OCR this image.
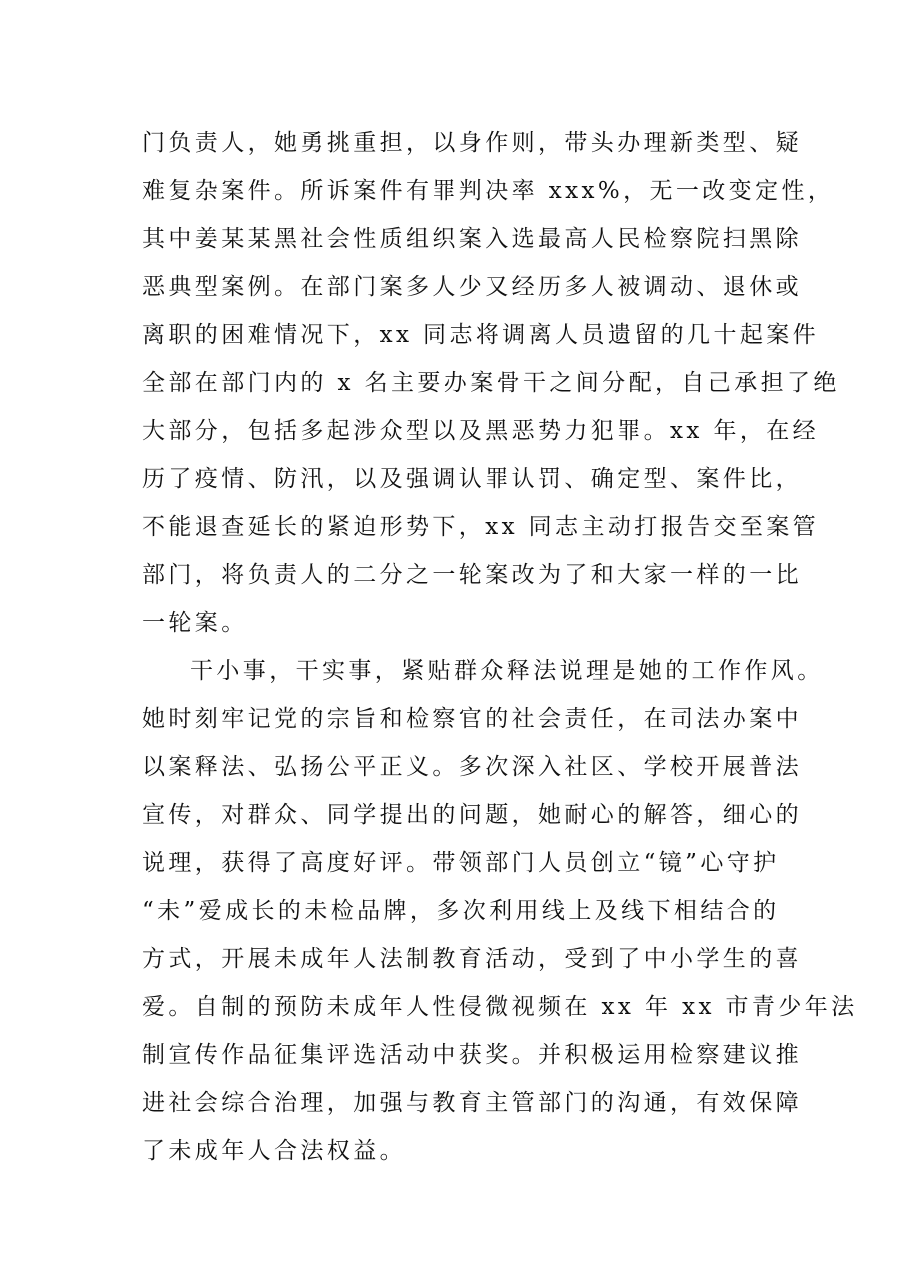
门负责人，她勇挑重担，以身作则，带头办理新类型、疑
难复杂案件。所诉案件有罪判决率 xxx%，无一改变定性，
其中姜某某黑社会性质组织案入选最高人民检察院扫黑除
恶典型案例。在部门案多人少又经历多人被调动、退休或
离职的困难情况下，xx 同志将调离人员遗留的几十起案件
全部在部门内的 x 名主要办案骨干之间分配，自己承担了绝
大部分，包括多起涉众型以及黑恶势力犯罪。xx 年，在经
历了疫情、防汛，以及强调认罪认罚、确定型、案件比，
不能退查延长的紧迫形势下，xx 同志主动打报告交至案管
部门，将负责人的二分之一轮案改为了和大家一样的一比
一轮案。
干小事，干实事，紧贴群众释法说理是她的工作作风。
她时刻牢记党的宗旨和检察官的社会责任，在司法办案中
以案释法、弘扬公平正义。多次深入社区、学校开展普法
宣传，对群众、同学提出的问题，她耐心的解答，细心的
说理，获得了高度好评。带领部门人员创立“镜”心守护
“未”爱成长的未检品牌，多次利用线上及线下相结合的
方式，开展未成年人法制教育活动，受到了中小学生的喜
爱。自制的预防未成年人性侵微视频在 xx 年 xx 市青少年法
制宣传作品征集评选活动中获奖。并积极运用检察建议推
进社会综合治理，加强与教育主管部门的沟通，有效保障
了未成年人合法权益。
